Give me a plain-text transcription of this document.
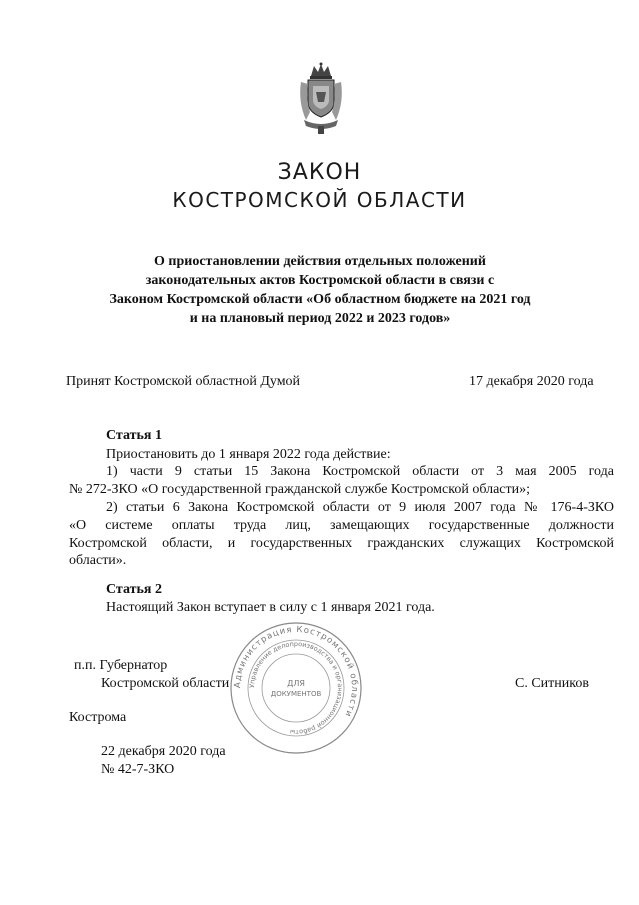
ЗАКОН
КОСТРОМСКОЙ ОБЛАСТИ
О приостановлении действия отдельных положений
законодательных актов Костромской области в связи с
Законом Костромской области «Об областном бюджете на 2021 год
и на плановый период 2022 и 2023 годов»
Принят Костромской областной Думой	17 декабря 2020 года
Статья 1
Приостановить до 1 января 2022 года действие:
1) части 9 статьи 15 Закона Костромской области от 3 мая 2005 года
№ 272-ЗКО «О государственной гражданской службе Костромской области»;
2) статьи 6 Закона Костромской области от 9 июля 2007 года № 176-4-ЗКО
«О системе оплаты труда лиц, замещающих государственные должности
Костромской области, и государственных гражданских служащих Костромской
области».
Статья 2
Настоящий Закон вступает в силу с 1 января 2021 года.
Администрация Костромской области
Управление делопроизводства и организационной работы
ДЛЯ
ДОКУМЕНТОВ
п.п. Губернатор
Костромской области	С. Ситников
Кострома
22 декабря 2020 года
№ 42-7-ЗКО
